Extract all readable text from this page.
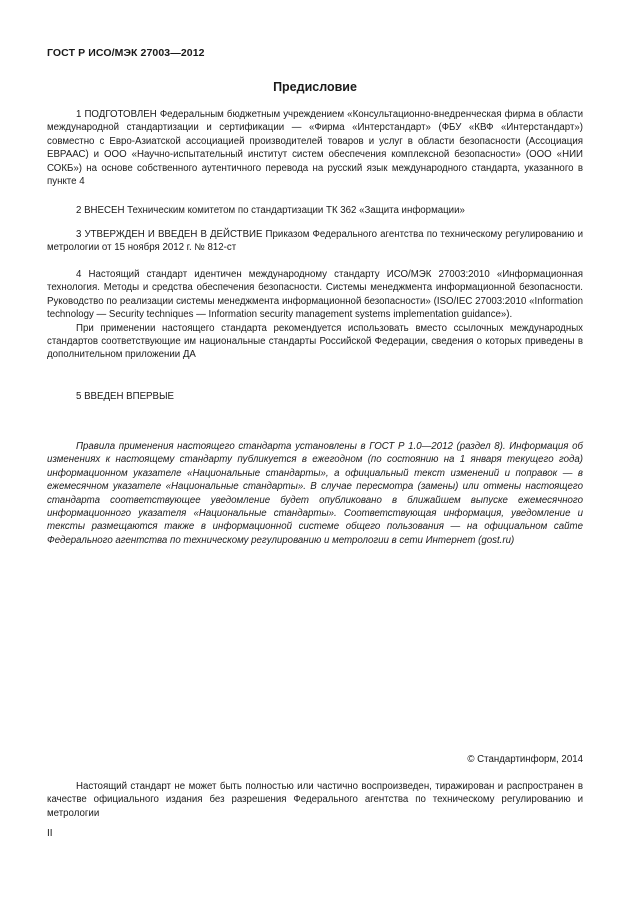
ГОСТ Р ИСО/МЭК 27003—2012
Предисловие

1 ПОДГОТОВЛЕН Федеральным бюджетным учреждением «Консультационно-внедренческая фирма в области международной стандартизации и сертификации — «Фирма «Интерстандарт» (ФБУ «КВФ «Интерстандарт») совместно с Евро-Азиатской ассоциацией производителей товаров и услуг в области безопасности (Ассоциация ЕВРААС) и ООО «Научно-испытательный институт систем обеспечения комплексной безопасности» (ООО «НИИ СОКБ») на основе собственного аутентичного перевода на русский язык международного стандарта, указанного в пункте 4

2 ВНЕСЕН Техническим комитетом по стандартизации ТК 362 «Защита информации»

3 УТВЕРЖДЕН И ВВЕДЕН В ДЕЙСТВИЕ Приказом Федерального агентства по техническому регулированию и метрологии от 15 ноября 2012 г. № 812-ст

4 Настоящий стандарт идентичен международному стандарту ИСО/МЭК 27003:2010 «Информационная технология. Методы и средства обеспечения безопасности. Системы менеджмента информационной безопасности. Руководство по реализации системы менеджмента информационной безопасности» (ISO/IEC 27003:2010 «Information technology — Security techniques — Information security management systems implementation guidance»).

При применении настоящего стандарта рекомендуется использовать вместо ссылочных международных стандартов соответствующие им национальные стандарты Российской Федерации, сведения о которых приведены в дополнительном приложении ДА

5 ВВЕДЕН ВПЕРВЫЕ

Правила применения настоящего стандарта установлены в ГОСТ Р 1.0—2012 (раздел 8). Информация об изменениях к настоящему стандарту публикуется в ежегодном (по состоянию на 1 января текущего года) информационном указателе «Национальные стандарты», а официальный текст изменений и поправок — в ежемесячном указателе «Национальные стандарты». В случае пересмотра (замены) или отмены настоящего стандарта соответствующее уведомление будет опубликовано в ближайшем выпуске ежемесячного информационного указателя «Национальные стандарты». Соответствующая информация, уведомление и тексты размещаются также в информационной системе общего пользования — на официальном сайте Федерального агентства по техническому регулированию и метрологии в сети Интернет (gost.ru)

© Стандартинформ, 2014

Настоящий стандарт не может быть полностью или частично воспроизведен, тиражирован и распространен в качестве официального издания без разрешения Федерального агентства по техническому регулированию и метрологии

II
